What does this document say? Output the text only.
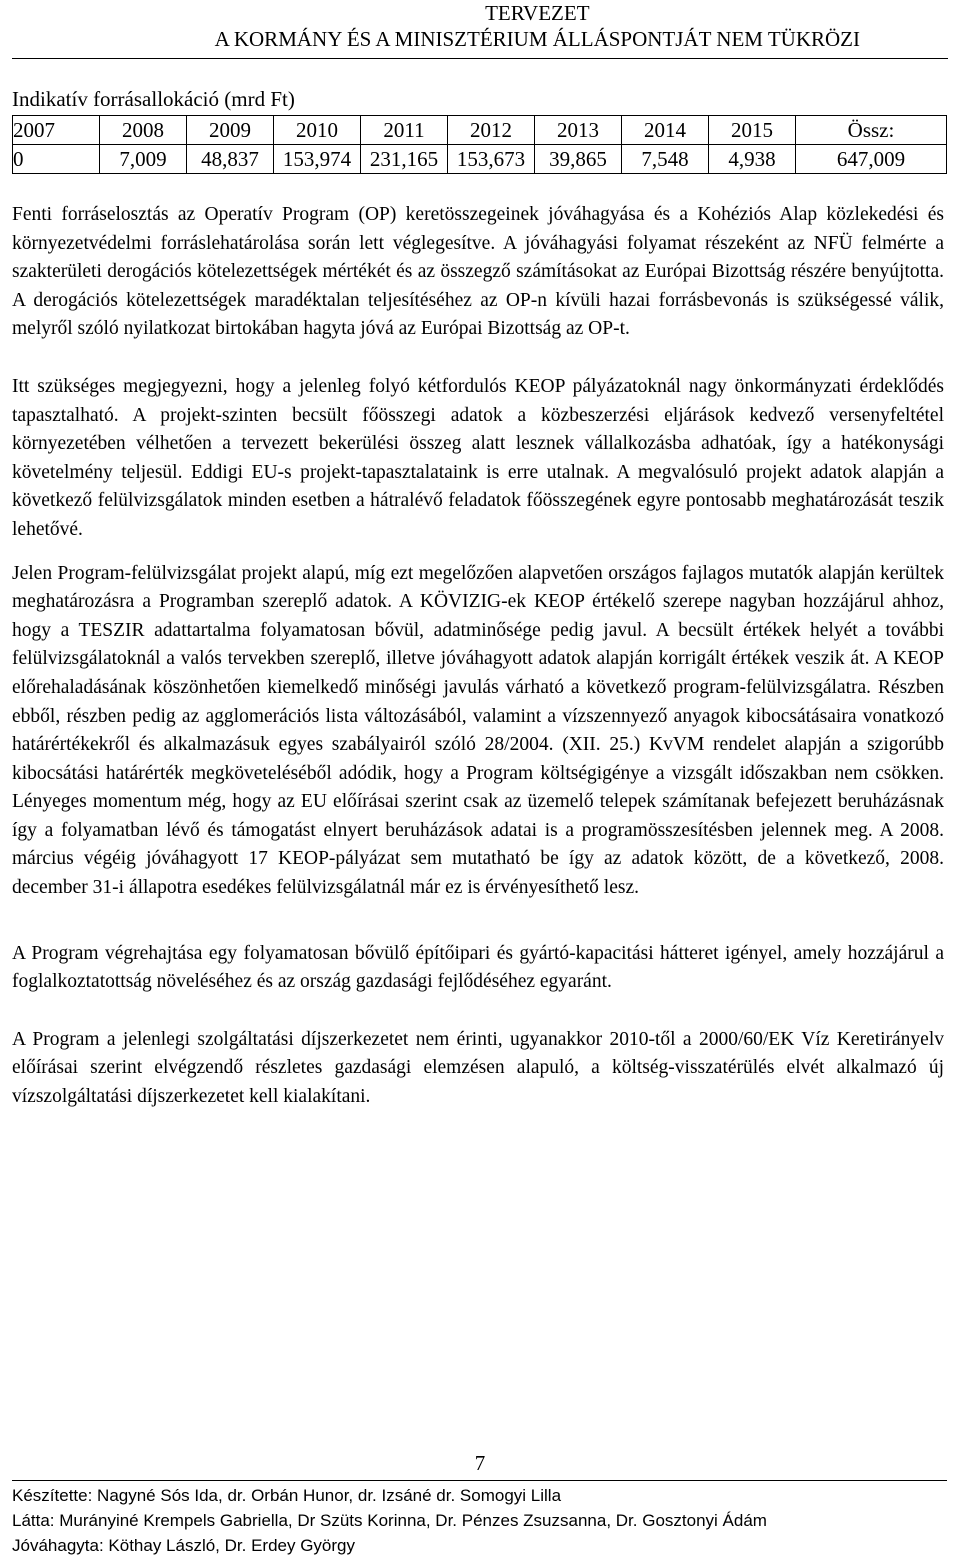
TERVEZET
A KORMÁNY ÉS A MINISZTÉRIUM ÁLLÁSPONTJÁT NEM TÜKRÖZI
Indikatív forrásallokáció (mrd Ft)
2007	2008	2009	2010	2011	2012	2013	2014	2015	Össz:
0	7,009	48,837	153,974	231,165	153,673	39,865	7,548	4,938	647,009

Fenti forráselosztás az Operatív Program (OP) keretösszegeinek jóváhagyása és a Kohéziós Alap közlekedési és környezetvédelmi forráslehatárolása során lett véglegesítve. A jóváhagyási folyamat részeként az NFÜ felmérte a szakterületi derogációs kötelezettségek mértékét és az összegző számításokat az Európai Bizottság részére benyújtotta. A derogációs kötelezettségek maradéktalan teljesítéséhez az OP-n kívüli hazai forrásbevonás is szükségessé válik, melyről szóló nyilatkozat birtokában hagyta jóvá az Európai Bizottság az OP-t.

Itt szükséges megjegyezni, hogy a jelenleg folyó kétfordulós KEOP pályázatoknál nagy önkormányzati érdeklődés tapasztalható. A projekt-szinten becsült főösszegi adatok a közbeszerzési eljárások kedvező versenyfeltétel környezetében vélhetően a tervezett bekerülési összeg alatt lesznek vállalkozásba adhatóak, így a hatékonysági követelmény teljesül. Eddigi EU-s projekt-tapasztalataink is erre utalnak. A megvalósuló projekt adatok alapján a következő felülvizsgálatok minden esetben a hátralévő feladatok főösszegének egyre pontosabb meghatározását teszik lehetővé.

Jelen Program-felülvizsgálat projekt alapú, míg ezt megelőzően alapvetően országos fajlagos mutatók alapján kerültek meghatározásra a Programban szereplő adatok. A KÖVIZIG-ek KEOP értékelő szerepe nagyban hozzájárul ahhoz, hogy a TESZIR adattartalma folyamatosan bővül, adatminősége pedig javul. A becsült értékek helyét a további felülvizsgálatoknál a valós tervekben szereplő, illetve jóváhagyott adatok alapján korrigált értékek veszik át. A KEOP előrehaladásának köszönhetően kiemelkedő minőségi javulás várható a következő program-felülvizsgálatra. Részben ebből, részben pedig az agglomerációs lista változásából, valamint a vízszennyező anyagok kibocsátásaira vonatkozó határértékekről és alkalmazásuk egyes szabályairól szóló 28/2004. (XII. 25.) KvVM rendelet alapján a szigorúbb kibocsátási határérték megköveteléséből adódik, hogy a Program költségigénye a vizsgált időszakban nem csökken. Lényeges momentum még, hogy az EU előírásai szerint csak az üzemelő telepek számítanak befejezett beruházásnak így a folyamatban lévő és támogatást elnyert beruházások adatai is a programösszesítésben jelennek meg. A 2008. március végéig jóváhagyott 17 KEOP-pályázat sem mutatható be így az adatok között, de a következő, 2008. december 31-i állapotra esedékes felülvizsgálatnál már ez is érvényesíthető lesz.

A Program végrehajtása egy folyamatosan bővülő építőipari és gyártó-kapacitási hátteret igényel, amely hozzájárul a foglalkoztatottság növeléséhez és az ország gazdasági fejlődéséhez egyaránt.

A Program a jelenlegi szolgáltatási díjszerkezetet nem érinti, ugyanakkor 2010-től a 2000/60/EK Víz Keretirányelv előírásai szerint elvégzendő részletes gazdasági elemzésen alapuló, a költség-visszatérülés elvét alkalmazó új vízszolgáltatási díjszerkezetet kell kialakítani.

7
Készítette: Nagyné Sós Ida, dr. Orbán Hunor, dr. Izsáné dr. Somogyi Lilla
Látta: Murányiné Krempels Gabriella, Dr Szüts Korinna, Dr. Pénzes Zsuzsanna, Dr. Gosztonyi Ádám
Jóváhagyta: Köthay László, Dr. Erdey György
